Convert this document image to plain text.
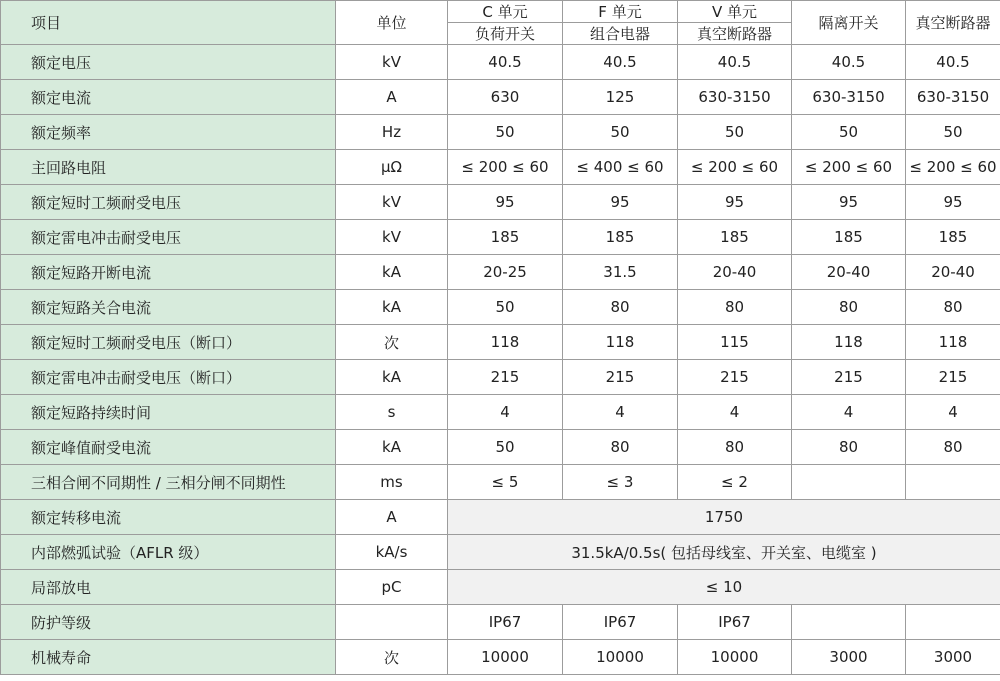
项目	单位	C 单元	F 单元	V 单元	隔离开关	真空断路器
		负荷开关	组合电器	真空断路器		
额定电压	kV	40.5	40.5	40.5	40.5	40.5
额定电流	A	630	125	630-3150	630-3150	630-3150
额定频率	Hz	50	50	50	50	50
主回路电阻	μΩ	≤ 200 ≤ 60	≤ 400 ≤ 60	≤ 200 ≤ 60	≤ 200 ≤ 60	≤ 200 ≤ 60
额定短时工频耐受电压	kV	95	95	95	95	95
额定雷电冲击耐受电压	kV	185	185	185	185	185
额定短路开断电流	kA	20-25	31.5	20-40	20-40	20-40
额定短路关合电流	kA	50	80	80	80	80
额定短时工频耐受电压（断口）	次	118	118	115	118	118
额定雷电冲击耐受电压（断口）	kA	215	215	215	215	215
额定短路持续时间	s	4	4	4	4	4
额定峰值耐受电流	kA	50	80	80	80	80
三相合闸不同期性 / 三相分闸不同期性	ms	≤ 5	≤ 3	≤ 2		
额定转移电流	A	1750				
内部燃弧试验（AFLR 级）	kA/s	31.5kA/0.5s( 包括母线室、开关室、电缆室 )				
局部放电	pC	≤ 10				
防护等级		IP67	IP67	IP67		
机械寿命	次	10000	10000	10000	3000	3000
